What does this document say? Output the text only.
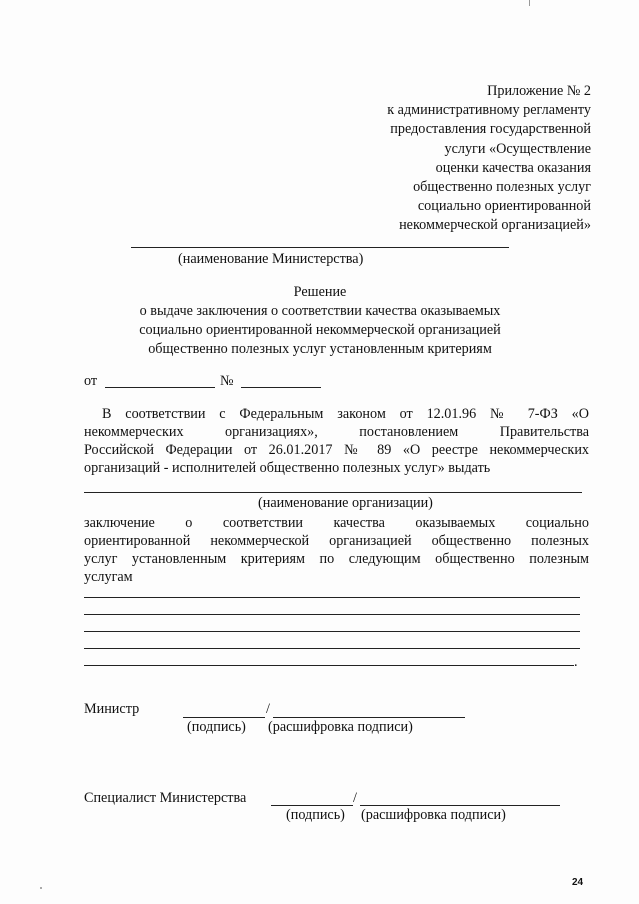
Приложение № 2
к административному регламенту
предоставления государственной
услуги «Осуществление
оценки качества оказания
общественно полезных услуг
социально ориентированной
некоммерческой организацией»
(наименование Министерства)
Решение
о выдаче заключения о соответствии качества оказываемых
социально ориентированной некоммерческой организацией
общественно полезных услуг установленным критериям
от	№
В соответствии с Федеральным законом от 12.01.96 № 7-ФЗ «О
некоммерческих организациях», постановлением Правительства
Российской Федерации от 26.01.2017 № 89 «О реестре некоммерческих
организаций - исполнителей общественно полезных услуг» выдать
(наименование организации)
заключение о соответствии качества оказываемых социально
ориентированной некоммерческой организацией общественно полезных
услуг установленным критериям по следующим общественно полезным
услугам
.
Министр	/
(подпись) (расшифровка подписи)
Специалист Министерства	/
(подпись) (расшифровка подписи)
24
